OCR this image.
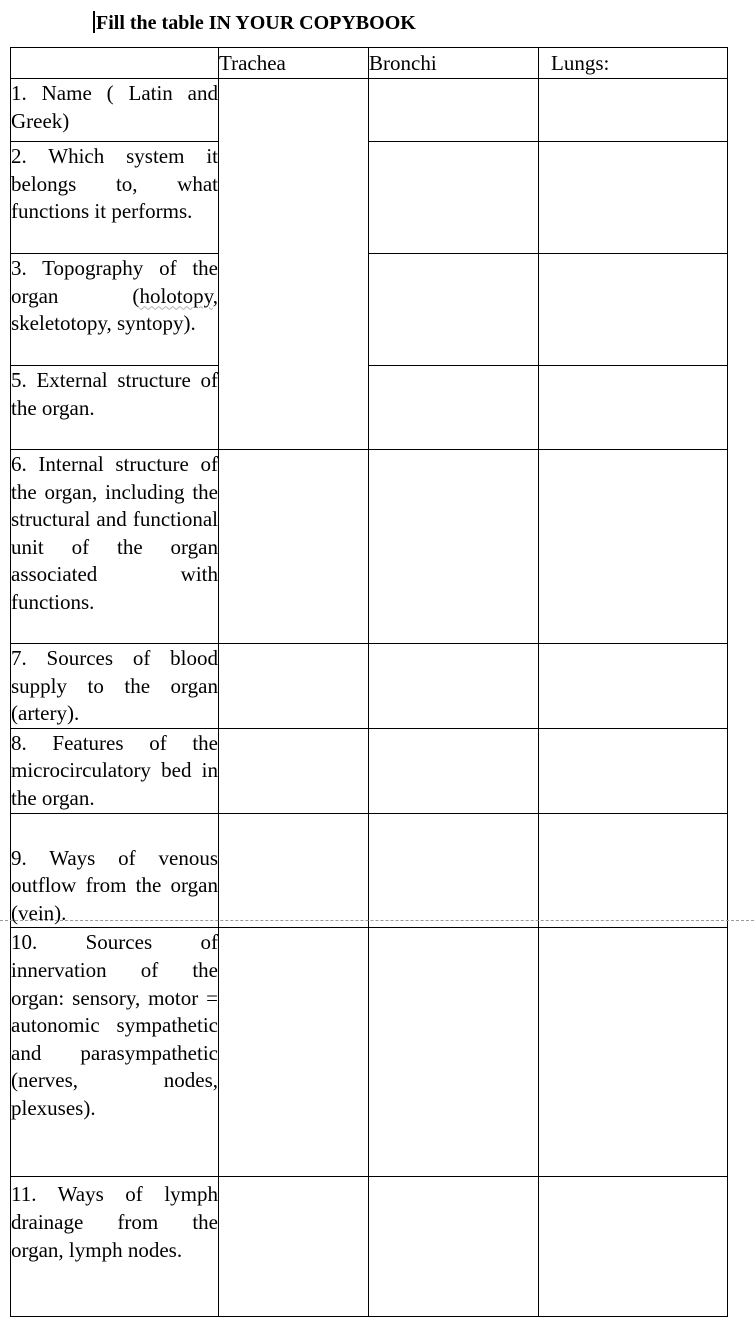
Fill the table IN YOUR COPYBOOK
	Trachea	Bronchi	Lungs:

1. Name ( Latin and Greek)			

2. Which system it belongs to, what functions it performs.			

3. Topography of the organ (holotopy, skeletotopy, syntopy).			

5. External structure of the organ.			

6. Internal structure of the organ, including the structural and functional unit of the organ associated with functions.			

7. Sources of blood supply to the organ (artery).			

8. Features of the microcirculatory bed in the organ.			

9. Ways of venous outflow from the organ (vein).			

10. Sources of innervation of the organ: sensory, motor = autonomic sympathetic and parasympathetic (nerves, nodes, plexuses).			

11. Ways of lymph drainage from the organ, lymph nodes.			
